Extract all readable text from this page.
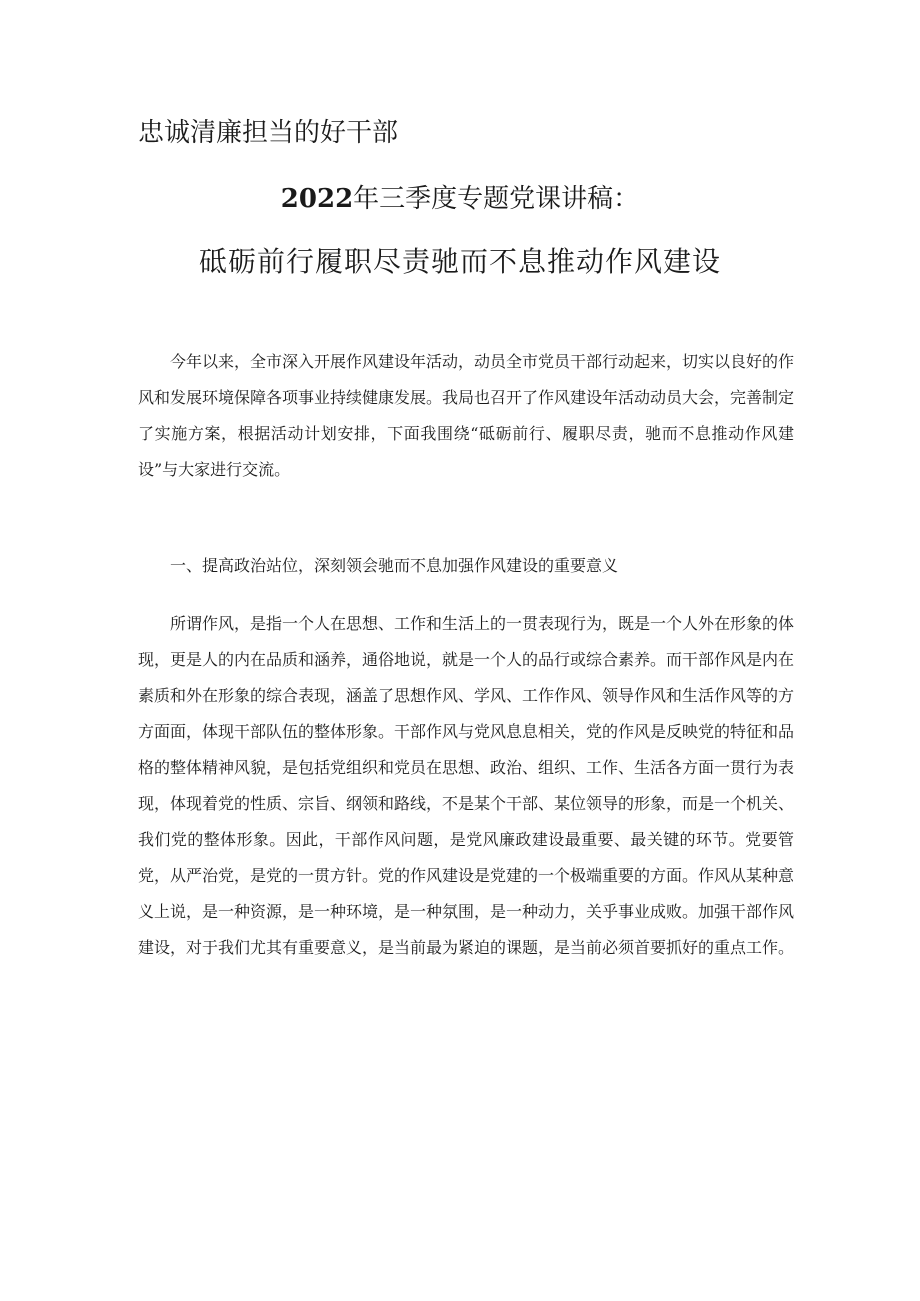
忠诚清廉担当的好干部
2022年三季度专题党课讲稿：
砥砺前行履职尽责驰而不息推动作风建设

今年以来，全市深入开展作风建设年活动，动员全市党员干部行动起来，切实以良好的作风和发展环境保障各项事业持续健康发展。我局也召开了作风建设年活动动员大会，完善制定了实施方案，根据活动计划安排，下面我围绕“砥砺前行、履职尽责，驰而不息推动作风建设”与大家进行交流。

一、提高政治站位，深刻领会驰而不息加强作风建设的重要意义

所谓作风，是指一个人在思想、工作和生活上的一贯表现行为，既是一个人外在形象的体现，更是人的内在品质和涵养，通俗地说，就是一个人的品行或综合素养。而干部作风是内在素质和外在形象的综合表现，涵盖了思想作风、学风、工作作风、领导作风和生活作风等的方方面面，体现干部队伍的整体形象。干部作风与党风息息相关，党的作风是反映党的特征和品格的整体精神风貌，是包括党组织和党员在思想、政治、组织、工作、生活各方面一贯行为表现，体现着党的性质、宗旨、纲领和路线，不是某个干部、某位领导的形象，而是一个机关、我们党的整体形象。因此，干部作风问题，是党风廉政建设最重要、最关键的环节。党要管党，从严治党，是党的一贯方针。党的作风建设是党建的一个极端重要的方面。作风从某种意义上说，是一种资源，是一种环境，是一种氛围，是一种动力，关乎事业成败。加强干部作风建设，对于我们尤其有重要意义，是当前最为紧迫的课题，是当前必须首要抓好的重点工作。
